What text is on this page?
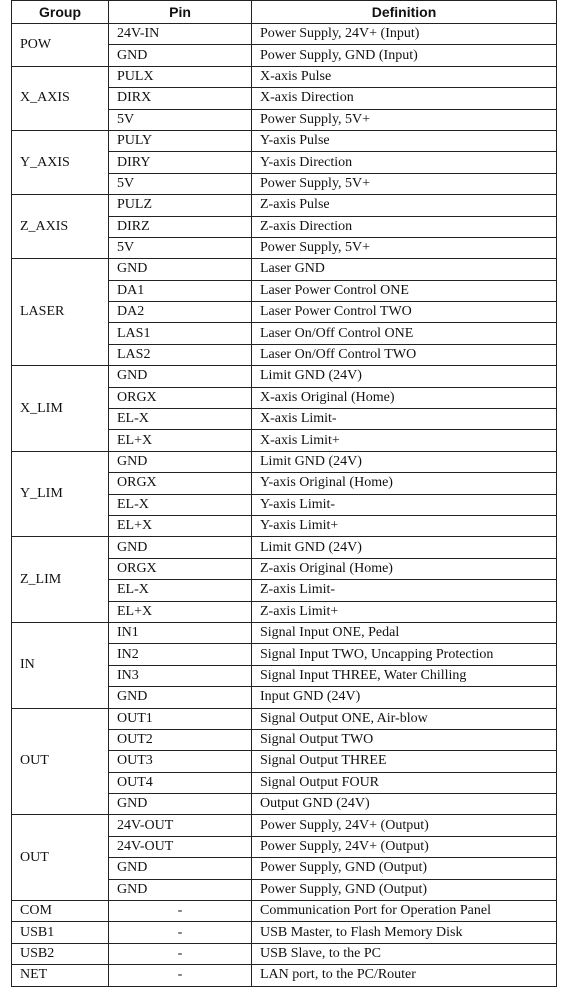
Group	Pin	Definition
POW	24V-IN	Power Supply, 24V+ (Input)
	GND	Power Supply, GND (Input)
X_AXIS	PULX	X-axis Pulse
	DIRX	X-axis Direction
	5V	Power Supply, 5V+
Y_AXIS	PULY	Y-axis Pulse
	DIRY	Y-axis Direction
	5V	Power Supply, 5V+
Z_AXIS	PULZ	Z-axis Pulse
	DIRZ	Z-axis Direction
	5V	Power Supply, 5V+
LASER	GND	Laser GND
	DA1	Laser Power Control ONE
	DA2	Laser Power Control TWO
	LAS1	Laser On/Off Control ONE
	LAS2	Laser On/Off Control TWO
X_LIM	GND	Limit GND (24V)
	ORGX	X-axis Original (Home)
	EL-X	X-axis Limit-
	EL+X	X-axis Limit+
Y_LIM	GND	Limit GND (24V)
	ORGX	Y-axis Original (Home)
	EL-X	Y-axis Limit-
	EL+X	Y-axis Limit+
Z_LIM	GND	Limit GND (24V)
	ORGX	Z-axis Original (Home)
	EL-X	Z-axis Limit-
	EL+X	Z-axis Limit+
IN	IN1	Signal Input ONE, Pedal
	IN2	Signal Input TWO, Uncapping Protection
	IN3	Signal Input THREE, Water Chilling
	GND	Input GND (24V)
OUT	OUT1	Signal Output ONE, Air-blow
	OUT2	Signal Output TWO
	OUT3	Signal Output THREE
	OUT4	Signal Output FOUR
	GND	Output GND (24V)
OUT	24V-OUT	Power Supply, 24V+ (Output)
	24V-OUT	Power Supply, 24V+ (Output)
	GND	Power Supply, GND (Output)
	GND	Power Supply, GND (Output)
COM	-	Communication Port for Operation Panel
USB1	-	USB Master, to Flash Memory Disk
USB2	-	USB Slave, to the PC
NET	-	LAN port, to the PC/Router
